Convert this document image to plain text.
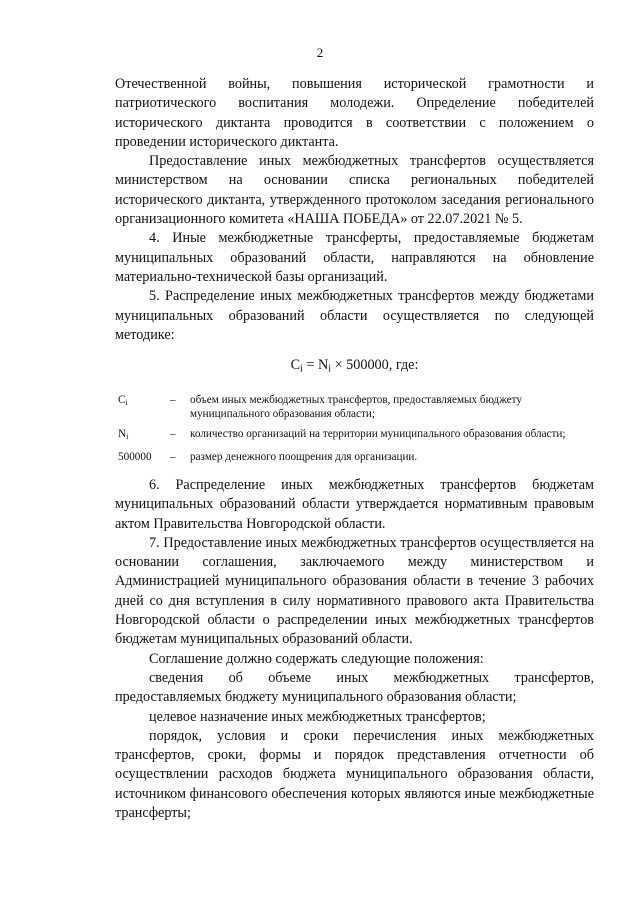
2

Отечественной войны, повышения исторической грамотности и патриотического воспитания молодежи. Определение победителей исторического диктанта проводится в соответствии с положением о проведении исторического диктанта.

Предоставление иных межбюджетных трансфертов осуществляется министерством на основании списка региональных победителей исторического диктанта, утвержденного протоколом заседания регионального организационного комитета «НАША ПОБЕДА» от 22.07.2021 № 5.

4. Иные межбюджетные трансферты, предоставляемые бюджетам муниципальных образований области, направляются на обновление материально-технической базы организаций.

5. Распределение иных межбюджетных трансфертов между бюджетами муниципальных образований области осуществляется по следующей методике:

$C_i = N_i \times 500000$, где:
$C_i$	–	объем иных межбюджетных трансфертов, предоставляемых бюджету муниципального образования области;
$N_i$	–	количество организаций на территории муниципального образования области;
500000	–	размер денежного поощрения для организации.

6. Распределение иных межбюджетных трансфертов бюджетам муниципальных образований области утверждается нормативным правовым актом Правительства Новгородской области.

7. Предоставление иных межбюджетных трансфертов осуществляется на основании соглашения, заключаемого между министерством и Администрацией муниципального образования области в течение 3 рабочих дней со дня вступления в силу нормативного правового акта Правительства Новгородской области о распределении иных межбюджетных трансфертов бюджетам муниципальных образований области.

Соглашение должно содержать следующие положения:

сведения об объеме иных межбюджетных трансфертов, предоставляемых бюджету муниципального образования области;

целевое назначение иных межбюджетных трансфертов;

порядок, условия и сроки перечисления иных межбюджетных трансфертов, сроки, формы и порядок представления отчетности об осуществлении расходов бюджета муниципального образования области, источником финансового обеспечения которых являются иные межбюджетные трансферты;
